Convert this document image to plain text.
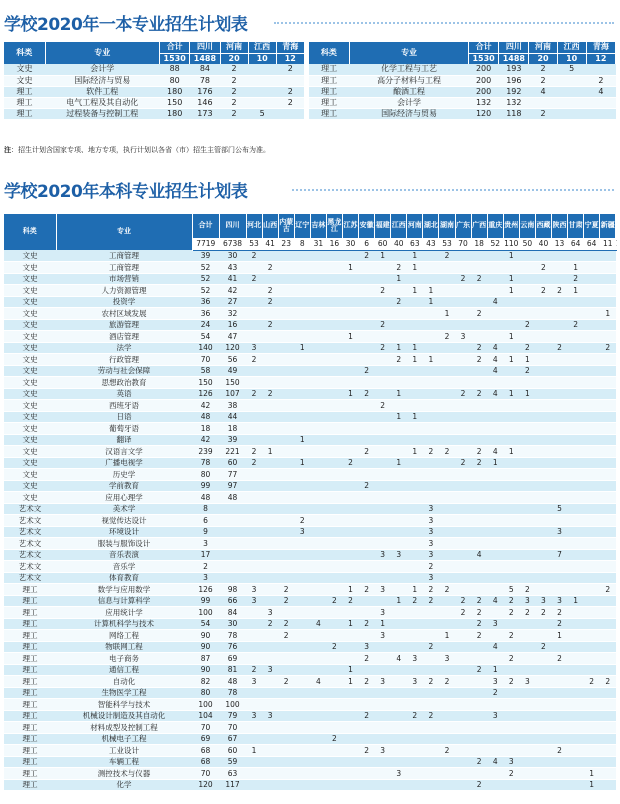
学校2020年一本专业招生计划表
科类	专业	合计	四川	河南	江西	青海		科类	专业	合计	四川	河南	江西	青海
		1530	1488	20	10	12				1530	1488	20	10	12
文史	会计学	88	84	2		2		理工	化学工程与工艺	200	193	2	5	
文史	国际经济与贸易	80	78	2				理工	高分子材料与工程	200	196	2		2
理工	软件工程	180	176	2		2		理工	酿酒工程	200	192	4		4
理工	电气工程及其自动化	150	146	2		2		理工	会计学	132	132			
理工	过程装备与控制工程	180	173	2	5			理工	国际经济与贸易	120	118	2		
注：招生计划含国家专项、地方专项，执行计划以各省（市）招生主管部门公布为准。
学校2020年本科专业招生计划表
科类	专业	合计	四川	河北	山西	内蒙古	辽宁	吉林	黑龙江	江苏	安徽	福建	江西	河南	湖北	湖南	广东	广西	重庆	贵州	云南	西藏	陕西	甘肃	宁夏	新疆	
		7719	6738	53	41	23	8	31	16	30	6	60	40	63	43	53	70	18	52	110	50	40	13	64	64	11	
文史	工商管理	39	30	2							2	1		1		2				1							
文史	工商管理	52	43		2					1			2	1								2		1			
文史	市场营销	52	41	2									1				2	2		1				2			
文史	人力资源管理	52	42		2							2		1	1					1		2	2	1			
文史	投资学	36	27		2								2		1				4								
文史	农村区域发展	36	32													1		2								1	
文史	旅游管理	24	16		2							2									2			2			
文史	酒店管理	54	47							1						2	3			1							
文史	法学	140	120	3			1					2	1	1				2	4		2		2			2	
文史	行政管理	70	56	2									2	1	1			2	4	1	1						
文史	劳动与社会保障	58	49								2								4		2						
文史	思想政治教育	150	150																								
文史	英语	126	107	2	2					1	2		1				2	2	4	1	1						
文史	西班牙语	42	38									2															
文史	日语	48	44										1	1													
文史	葡萄牙语	18	18																								
文史	翻译	42	39				1																				
文史	汉语言文学	239	221	2	1						2			1	2	2		2	4	1							
文史	广播电视学	78	60	2			1			2			1				2	2	1								
文史	历史学	80	77																								
文史	学前教育	99	97								2																
文史	应用心理学	48	48																								
艺术文	美术学	8													3								5				
艺术文	视觉传达设计	6					2								3												
艺术文	环境设计	9					3								3								3				
艺术文	服装与服饰设计	3													3												
艺术文	音乐表演	17										3	3		3			4					7				
艺术文	音乐学	2													2												
艺术文	体育教育	3													3												
理工	数学与应用数学	126	98	3		2				1	2	3		1	2	2				5	2					2	
理工	信息与计算科学	99	66	3		2			2	2			1	2	2		2	2	4	2	3	3	3	1			
理工	应用统计学	100	84		3							3					2	2		2	2	2	2				
理工	计算机科学与技术	54	30		2	2		4		1	2	1						2	3				2				
理工	网络工程	90	78			2						3				1		2		2			1				
理工	物联网工程	90	76						2		3				2				4			2					
理工	电子商务	87	69								2		4	3		3				2			2				
理工	通信工程	90	81	2	3					1								2	1								
理工	自动化	82	48	3		2		4		1	2	3		3	2	2			3	2	3				2	2	
理工	生物医学工程	80	78																2								
理工	智能科学与技术	100	100																								
理工	机械设计制造及其自动化	104	79	3	3						2			2	2				3								
理工	材料成型及控制工程	70	70																								
理工	机械电子工程	69	67						2																		
理工	工业设计	68	60	1							2	3				2							2				
理工	车辆工程	68	59															2	4	3							
理工	测控技术与仪器	70	63										3							2					1		
理工	化学	120	117															2							1		
